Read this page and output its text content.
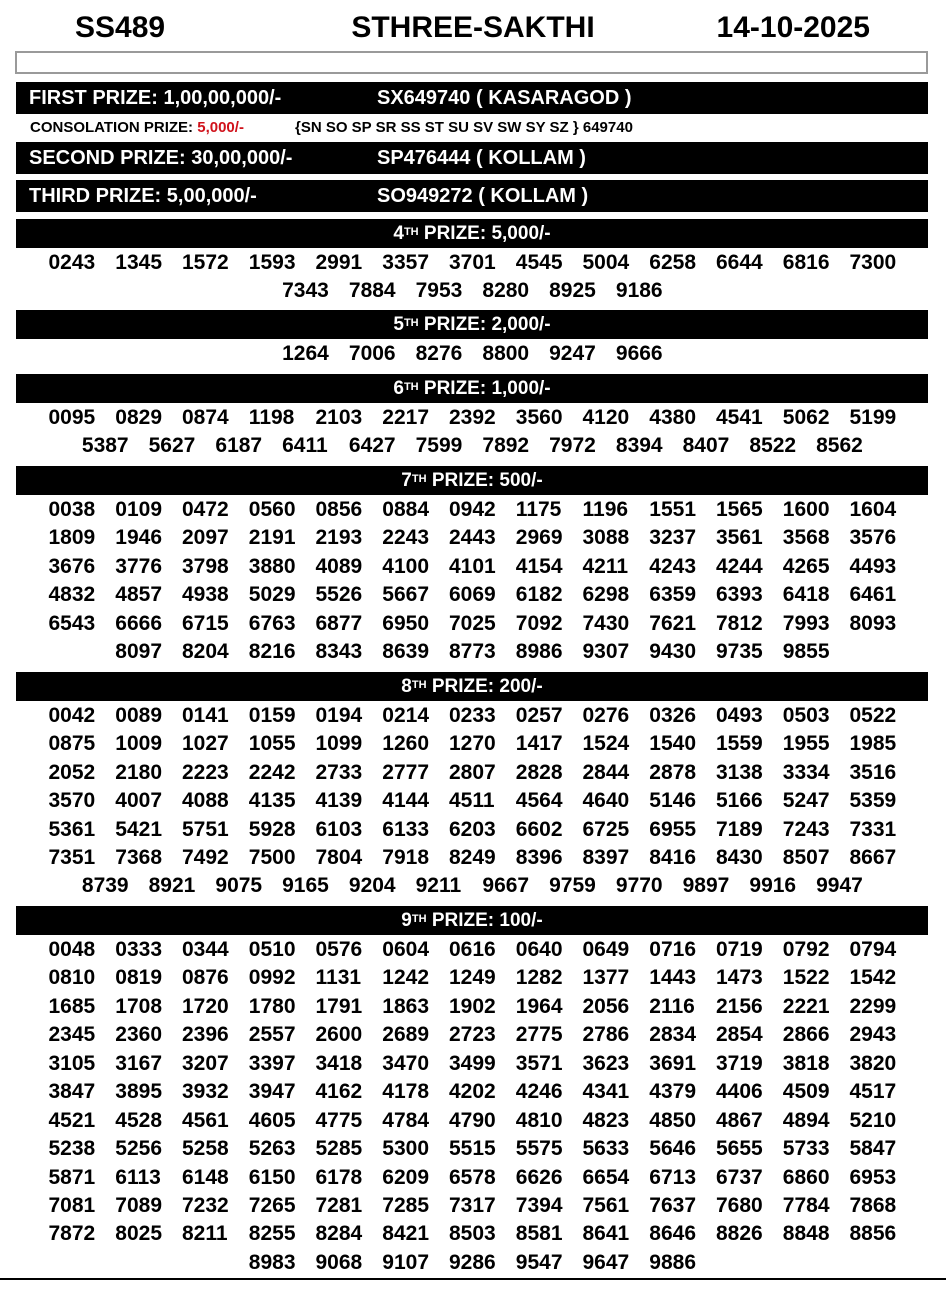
STHREE-SAKTHI
SS489	14-10-2025
FIRST PRIZE: 1,00,00,000/-	SX649740 ( KASARAGOD )
CONSOLATION PRIZE: 5,000/-	{SN SO SP SR SS ST SU SV SW SY SZ } 649740
SECOND PRIZE: 30,00,000/-	SP476444 ( KOLLAM )
THIRD PRIZE: 5,00,000/-	SO949272 ( KOLLAM )
4TH PRIZE: 5,000/-
0243 1345 1572 1593 2991 3357 3701 4545 5004 6258 6644 6816 7300
7343 7884 7953 8280 8925 9186
5TH PRIZE: 2,000/-
1264 7006 8276 8800 9247 9666
6TH PRIZE: 1,000/-
0095 0829 0874 1198 2103 2217 2392 3560 4120 4380 4541 5062 5199
5387 5627 6187 6411 6427 7599 7892 7972 8394 8407 8522 8562
7TH PRIZE: 500/-
0038 0109 0472 0560 0856 0884 0942 1175 1196 1551 1565 1600 1604
1809 1946 2097 2191 2193 2243 2443 2969 3088 3237 3561 3568 3576
3676 3776 3798 3880 4089 4100 4101 4154 4211 4243 4244 4265 4493
4832 4857 4938 5029 5526 5667 6069 6182 6298 6359 6393 6418 6461
6543 6666 6715 6763 6877 6950 7025 7092 7430 7621 7812 7993 8093
8097 8204 8216 8343 8639 8773 8986 9307 9430 9735 9855
8TH PRIZE: 200/-
0042 0089 0141 0159 0194 0214 0233 0257 0276 0326 0493 0503 0522
0875 1009 1027 1055 1099 1260 1270 1417 1524 1540 1559 1955 1985
2052 2180 2223 2242 2733 2777 2807 2828 2844 2878 3138 3334 3516
3570 4007 4088 4135 4139 4144 4511 4564 4640 5146 5166 5247 5359
5361 5421 5751 5928 6103 6133 6203 6602 6725 6955 7189 7243 7331
7351 7368 7492 7500 7804 7918 8249 8396 8397 8416 8430 8507 8667
8739 8921 9075 9165 9204 9211 9667 9759 9770 9897 9916 9947
9TH PRIZE: 100/-
0048 0333 0344 0510 0576 0604 0616 0640 0649 0716 0719 0792 0794
0810 0819 0876 0992 1131 1242 1249 1282 1377 1443 1473 1522 1542
1685 1708 1720 1780 1791 1863 1902 1964 2056 2116 2156 2221 2299
2345 2360 2396 2557 2600 2689 2723 2775 2786 2834 2854 2866 2943
3105 3167 3207 3397 3418 3470 3499 3571 3623 3691 3719 3818 3820
3847 3895 3932 3947 4162 4178 4202 4246 4341 4379 4406 4509 4517
4521 4528 4561 4605 4775 4784 4790 4810 4823 4850 4867 4894 5210
5238 5256 5258 5263 5285 5300 5515 5575 5633 5646 5655 5733 5847
5871 6113 6148 6150 6178 6209 6578 6626 6654 6713 6737 6860 6953
7081 7089 7232 7265 7281 7285 7317 7394 7561 7637 7680 7784 7868
7872 8025 8211 8255 8284 8421 8503 8581 8641 8646 8826 8848 8856
8983 9068 9107 9286 9547 9647 9886
